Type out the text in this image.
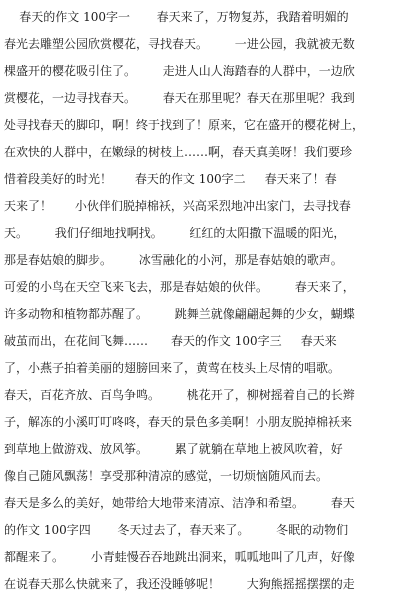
春天的作文 100字一       春天来了，万物复苏，我踏着明媚的
春光去雕塑公园欣赏樱花，寻找春天。       一进公园，我就被无数
棵盛开的樱花吸引住了。       走进人山人海踏春的人群中，一边欣
赏樱花，一边寻找春天。       春天在那里呢？春天在那里呢？我到
处寻找春天的脚印，啊！终于找到了！原来，它在盛开的樱花树上，
在欢快的人群中，在嫩绿的树枝上……啊，春天真美呀！我们要珍
惜着段美好的时光！      春天的作文 100字二     春天来了！春
天来了！      小伙伴们脱掉棉袄，兴高采烈地冲出家门，去寻找春
天。       我们仔细地找啊找。       红红的太阳撒下温暖的阳光，
那是春姑娘的脚步。       冰雪融化的小河，那是春姑娘的歌声。
可爱的小鸟在天空飞来飞去，那是春姑娘的伙伴。       春天来了，
许多动物和植物都苏醒了。       跳舞兰就像翩翩起舞的少女，蝴蝶
破茧而出，在花间飞舞……      春天的作文 100字三     春天来
了，小燕子拍着美丽的翅膀回来了，黄莺在枝头上尽情的唱歌。
春天，百花齐放、百鸟争鸣。       桃花开了，柳树摇着自己的长辫
子，解冻的小溪叮叮咚咚，春天的景色多美啊！小朋友脱掉棉袄来
到草地上做游戏、放风筝。       累了就躺在草地上被风吹着，好
像自己随风飘荡！享受那种清凉的感觉，一切烦恼随风而去。
春天是多么的美好，她带给大地带来清凉、洁净和希望。       春天
的作文 100字四       冬天过去了，春天来了。       冬眠的动物们
都醒来了。       小青蛙慢吞吞地跳出洞来，呱呱地叫了几声，好像
在说春天那么快就来了，我还没睡够呢！       大狗熊摇摇摆摆的走
